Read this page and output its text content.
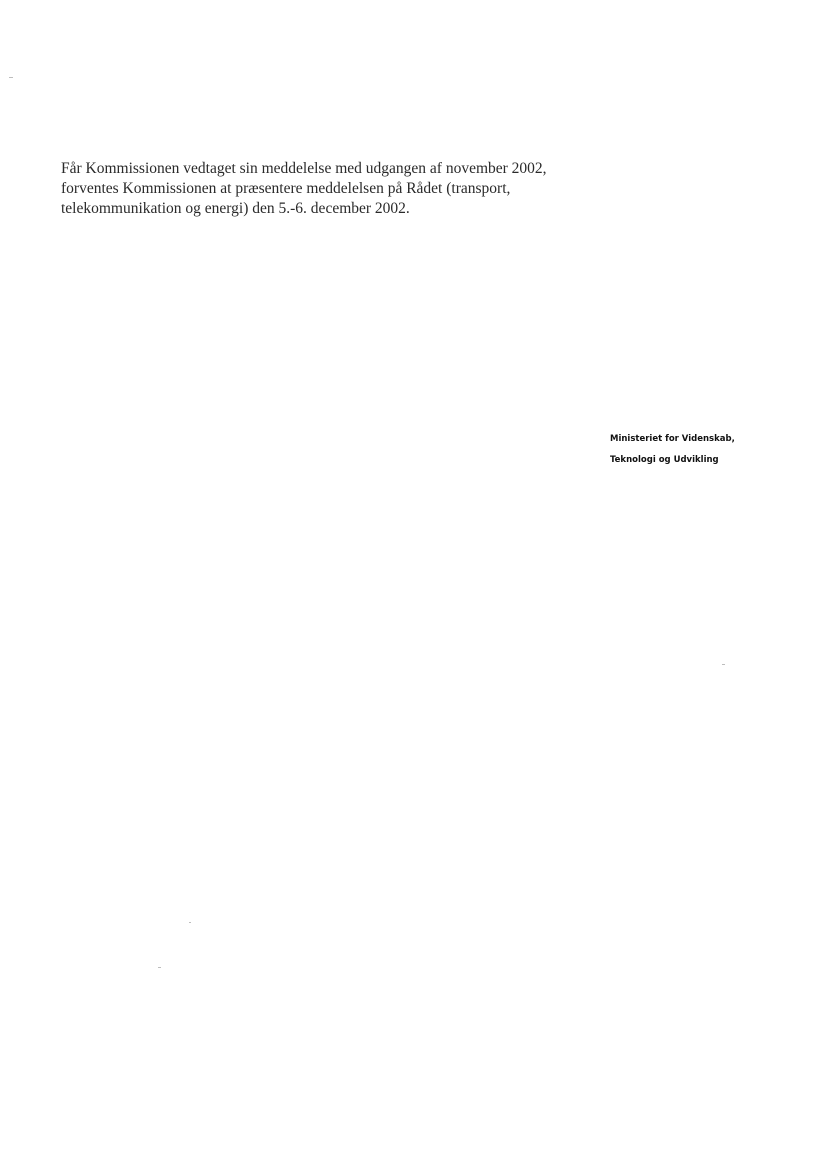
Får Kommissionen vedtaget sin meddelelse med udgangen af november 2002,
forventes Kommissionen at præsentere meddelelsen på Rådet (transport,
telekommunikation og energi) den 5.-6. december 2002.

Ministeriet for Videnskab,
Teknologi og Udvikling
